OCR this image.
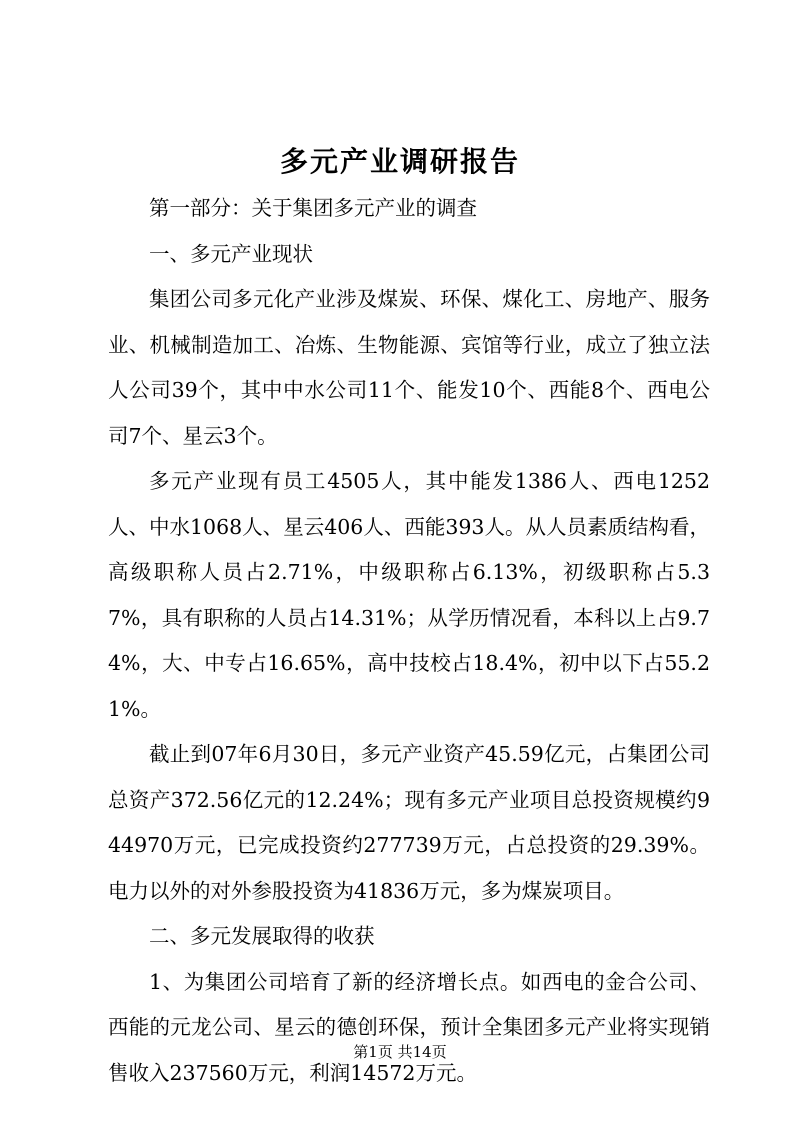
多元产业调研报告

第一部分：关于集团多元产业的调查

一、多元产业现状

集团公司多元化产业涉及煤炭、环保、煤化工、房地产、服务业、机械制造加工、冶炼、生物能源、宾馆等行业，成立了独立法人公司39个，其中中水公司11个、能发10个、西能8个、西电公司7个、星云3个。

多元产业现有员工4505人，其中能发1386人、西电1252人、中水1068人、星云406人、西能393人。从人员素质结构看，高级职称人员占2.71%，中级职称占6.13%，初级职称占5.37%，具有职称的人员占14.31%；从学历情况看，本科以上占9.74%，大、中专占16.65%，高中技校占18.4%，初中以下占55.21%。

截止到07年6月30日，多元产业资产45.59亿元，占集团公司总资产372.56亿元的12.24%；现有多元产业项目总投资规模约944970万元，已完成投资约277739万元，占总投资的29.39%。电力以外的对外参股投资为41836万元，多为煤炭项目。

二、多元发展取得的收获

1、为集团公司培育了新的经济增长点。如西电的金合公司、西能的元龙公司、星云的德创环保，预计全集团多元产业将实现销售收入237560万元，利润14572万元。

第1页 共14页
